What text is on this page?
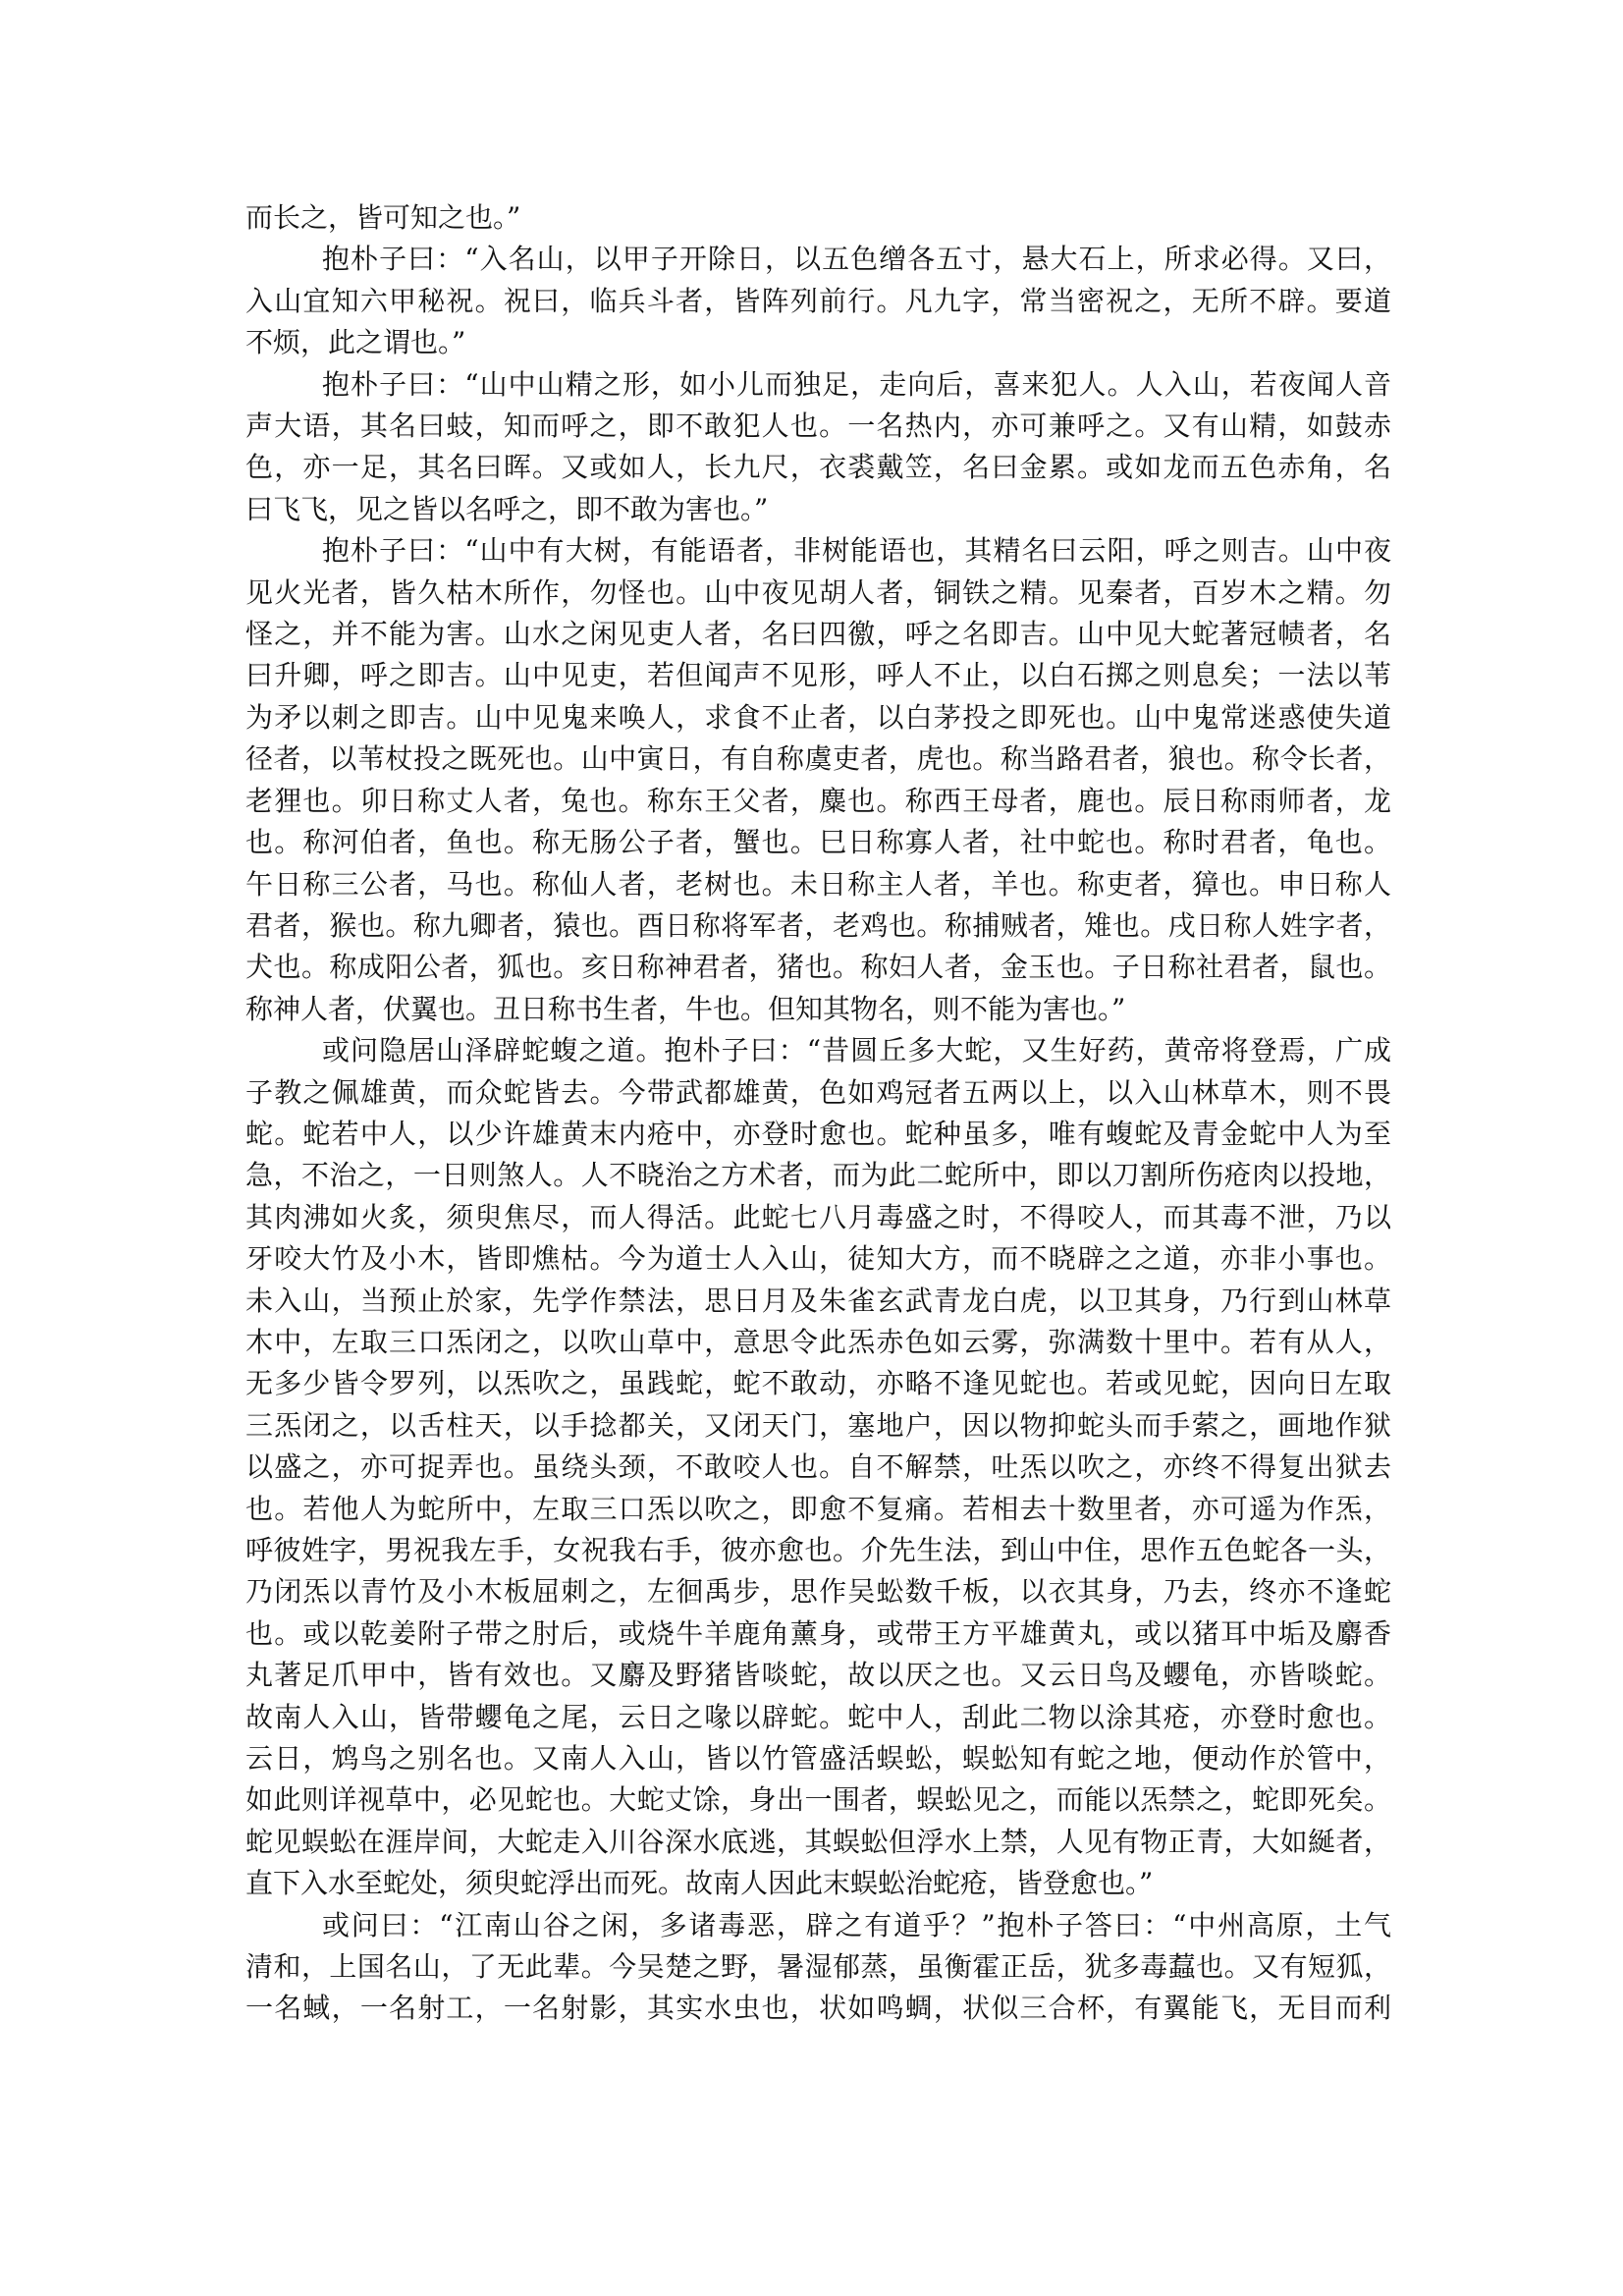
而长之，皆可知之也。”
抱朴子曰：“入名山，以甲子开除日，以五色缯各五寸，悬大石上，所求必得。又曰，
入山宜知六甲秘祝。祝曰，临兵斗者，皆阵列前行。凡九字，常当密祝之，无所不辟。要道
不烦，此之谓也。”
抱朴子曰：“山中山精之形，如小儿而独足，走向后，喜来犯人。人入山，若夜闻人音
声大语，其名曰蚑，知而呼之，即不敢犯人也。一名热内，亦可兼呼之。又有山精，如鼓赤
色，亦一足，其名曰晖。又或如人，长九尺，衣裘戴笠，名曰金累。或如龙而五色赤角，名
曰飞飞，见之皆以名呼之，即不敢为害也。”
抱朴子曰：“山中有大树，有能语者，非树能语也，其精名曰云阳，呼之则吉。山中夜
见火光者，皆久枯木所作，勿怪也。山中夜见胡人者，铜铁之精。见秦者，百岁木之精。勿
怪之，并不能为害。山水之闲见吏人者，名曰四徼，呼之名即吉。山中见大蛇著冠帻者，名
曰升卿，呼之即吉。山中见吏，若但闻声不见形，呼人不止，以白石掷之则息矣；一法以苇
为矛以刺之即吉。山中见鬼来唤人，求食不止者，以白茅投之即死也。山中鬼常迷惑使失道
径者，以苇杖投之既死也。山中寅日，有自称虞吏者，虎也。称当路君者，狼也。称令长者，
老狸也。卯日称丈人者，兔也。称东王父者，麋也。称西王母者，鹿也。辰日称雨师者，龙
也。称河伯者，鱼也。称无肠公子者，蟹也。巳日称寡人者，社中蛇也。称时君者，龟也。
午日称三公者，马也。称仙人者，老树也。未日称主人者，羊也。称吏者，獐也。申日称人
君者，猴也。称九卿者，猿也。酉日称将军者，老鸡也。称捕贼者，雉也。戌日称人姓字者，
犬也。称成阳公者，狐也。亥日称神君者，猪也。称妇人者，金玉也。子日称社君者，鼠也。
称神人者，伏翼也。丑日称书生者，牛也。但知其物名，则不能为害也。”
或问隐居山泽辟蛇蝮之道。抱朴子曰：“昔圆丘多大蛇，又生好药，黄帝将登焉，广成
子教之佩雄黄，而众蛇皆去。今带武都雄黄，色如鸡冠者五两以上，以入山林草木，则不畏
蛇。蛇若中人，以少许雄黄末内疮中，亦登时愈也。蛇种虽多，唯有蝮蛇及青金蛇中人为至
急，不治之，一日则煞人。人不晓治之方术者，而为此二蛇所中，即以刀割所伤疮肉以投地，
其肉沸如火炙，须臾焦尽，而人得活。此蛇七八月毒盛之时，不得咬人，而其毒不泄，乃以
牙咬大竹及小木，皆即燋枯。今为道士人入山，徒知大方，而不晓辟之之道，亦非小事也。
未入山，当预止於家，先学作禁法，思日月及朱雀玄武青龙白虎，以卫其身，乃行到山林草
木中，左取三口炁闭之，以吹山草中，意思令此炁赤色如云雾，弥满数十里中。若有从人，
无多少皆令罗列，以炁吹之，虽践蛇，蛇不敢动，亦略不逢见蛇也。若或见蛇，因向日左取
三炁闭之，以舌柱天，以手捻都关，又闭天门，塞地户，因以物抑蛇头而手萦之，画地作狱
以盛之，亦可捉弄也。虽绕头颈，不敢咬人也。自不解禁，吐炁以吹之，亦终不得复出狱去
也。若他人为蛇所中，左取三口炁以吹之，即愈不复痛。若相去十数里者，亦可遥为作炁，
呼彼姓字，男祝我左手，女祝我右手，彼亦愈也。介先生法，到山中住，思作五色蛇各一头，
乃闭炁以青竹及小木板屈刺之，左徊禹步，思作吴蚣数千板，以衣其身，乃去，终亦不逢蛇
也。或以乾姜附子带之肘后，或烧牛羊鹿角薰身，或带王方平雄黄丸，或以猪耳中垢及麝香
丸著足爪甲中，皆有效也。又麝及野猪皆啖蛇，故以厌之也。又云日鸟及蠳龟，亦皆啖蛇。
故南人入山，皆带蠳龟之尾，云日之喙以辟蛇。蛇中人，刮此二物以涂其疮，亦登时愈也。
云日，鸩鸟之别名也。又南人入山，皆以竹管盛活蜈蚣，蜈蚣知有蛇之地，便动作於管中，
如此则详视草中，必见蛇也。大蛇丈馀，身出一围者，蜈蚣见之，而能以炁禁之，蛇即死矣。
蛇见蜈蚣在涯岸间，大蛇走入川谷深水底逃，其蜈蚣但浮水上禁，人见有物正青，大如綖者，
直下入水至蛇处，须臾蛇浮出而死。故南人因此末蜈蚣治蛇疮，皆登愈也。”
或问曰：“江南山谷之闲，多诸毒恶，辟之有道乎？”抱朴子答曰：“中州高原，土气
清和，上国名山，了无此辈。今吴楚之野，暑湿郁蒸，虽衡霍正岳，犹多毒蠚也。又有短狐，
一名蜮，一名射工，一名射影，其实水虫也，状如鸣蜩，状似三合杯，有翼能飞，无目而利
